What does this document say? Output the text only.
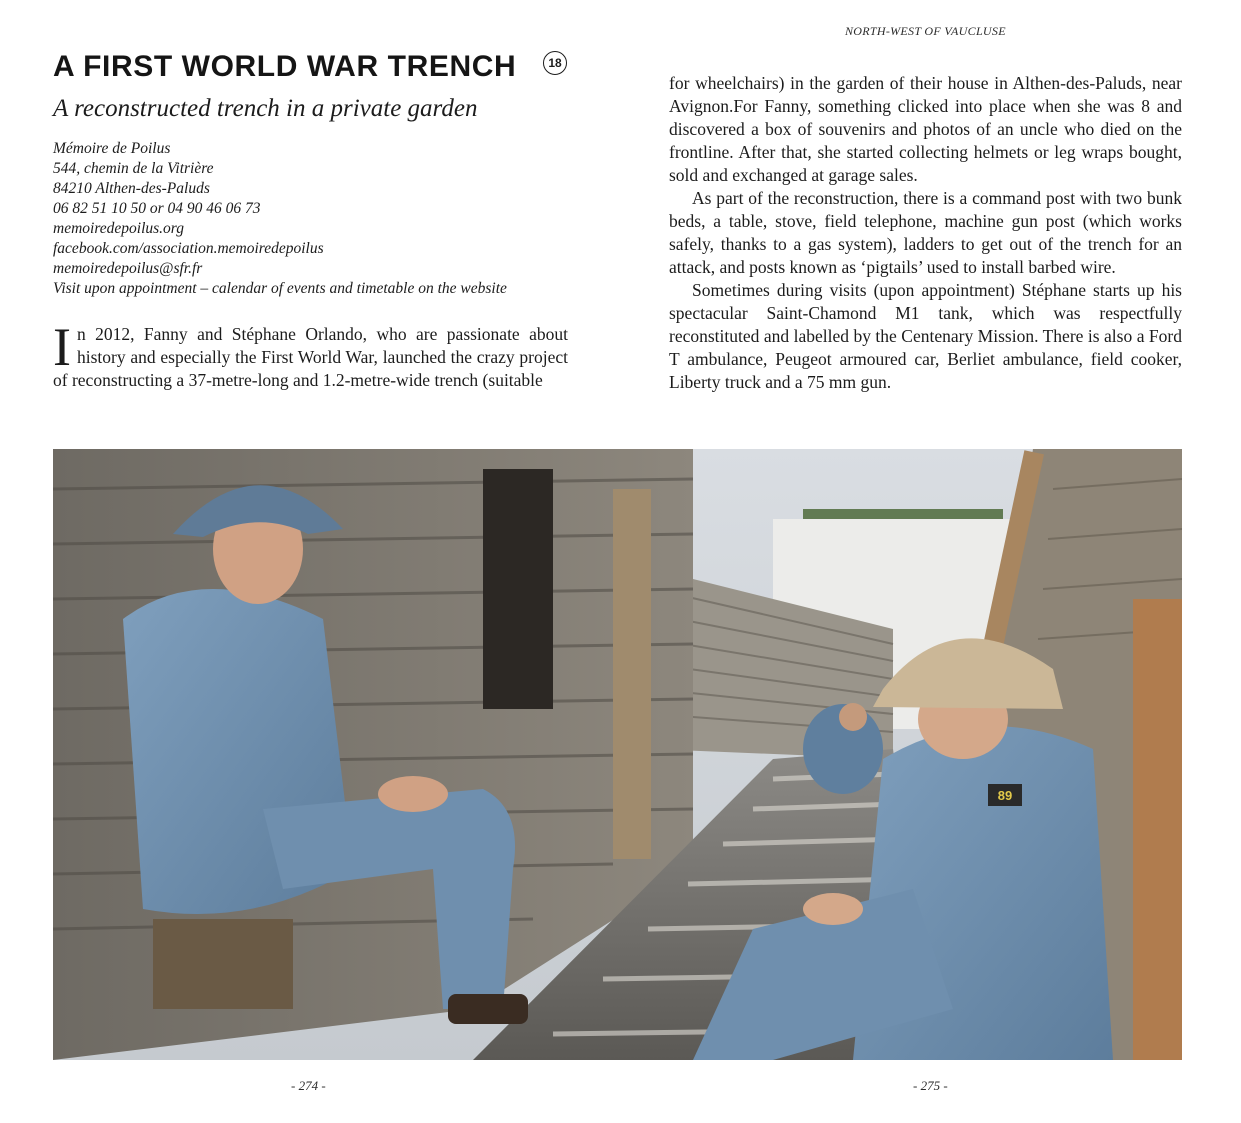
NORTH-WEST OF VAUCLUSE
A FIRST WORLD WAR TRENCH	18
A reconstructed trench in a private garden
Mémoire de Poilus
544, chemin de la Vitrière
84210 Althen-des-Paluds
06 82 51 10 50 or 04 90 46 06 73
memoiredepoilus.org
facebook.com/association.memoiredepoilus
memoiredepoilus@sfr.fr
Visit upon appointment – calendar of events and timetable on the website

In 2012, Fanny and Stéphane Orlando, who are passionate about history and especially the First World War, launched the crazy project of reconstructing a 37-metre-long and 1.2-metre-wide trench (suitable

for wheelchairs) in the garden of their house in Althen-des-Paluds, near Avignon.For Fanny, something clicked into place when she was 8 and discovered a box of souvenirs and photos of an uncle who died on the frontline. After that, she started collecting helmets or leg wraps bought, sold and exchanged at garage sales.

As part of the reconstruction, there is a command post with two bunk beds, a table, stove, field telephone, machine gun post (which works safely, thanks to a gas system), ladders to get out of the trench for an attack, and posts known as ‘pigtails’ used to install barbed wire.

Sometimes during visits (upon appointment) Stéphane starts up his spectacular Saint-Chamond M1 tank, which was respectfully reconstituted and labelled by the Centenary Mission. There is also a Ford T ambulance, Peugeot armoured car, Berliet ambulance, field cooker, Liberty truck and a 75 mm gun.

89
- 274 -	- 275 -
